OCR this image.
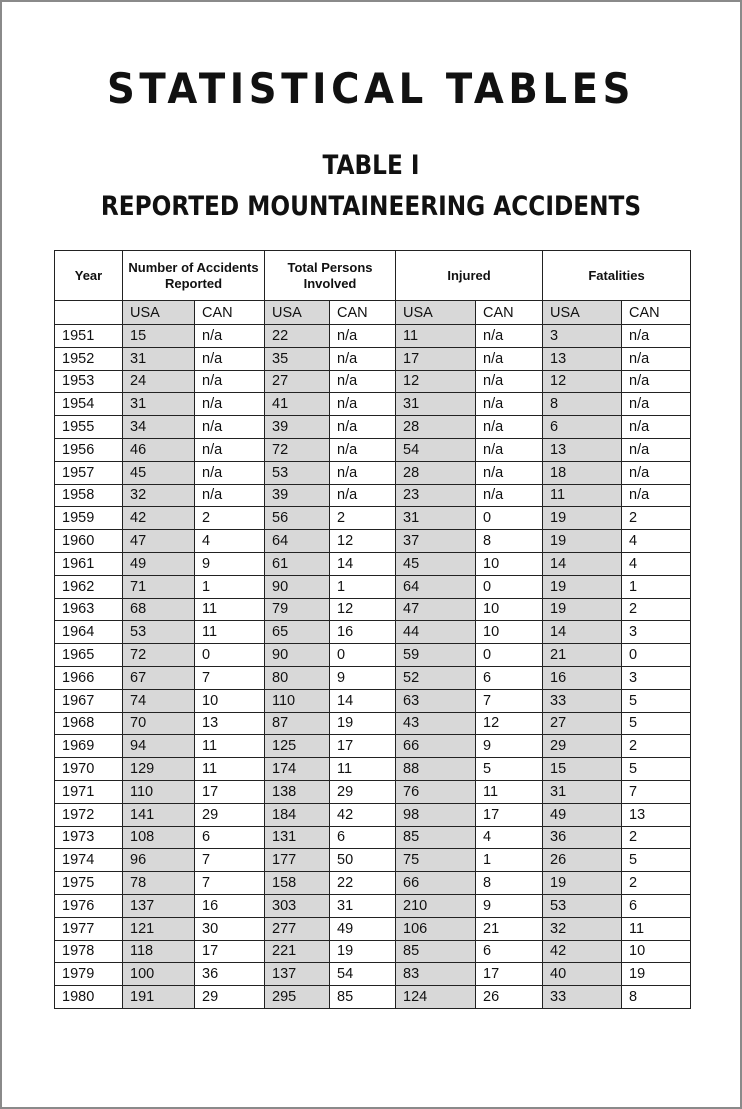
STATISTICAL TABLES
TABLE I
REPORTED MOUNTAINEERING ACCIDENTS
Year	Number of Accidents Reported		Total Persons Involved		Injured		Fatalities	
	USA	CAN	USA	CAN	USA	CAN	USA	CAN
1951	15	n/a	22	n/a	11	n/a	3	n/a
1952	31	n/a	35	n/a	17	n/a	13	n/a
1953	24	n/a	27	n/a	12	n/a	12	n/a
1954	31	n/a	41	n/a	31	n/a	8	n/a
1955	34	n/a	39	n/a	28	n/a	6	n/a
1956	46	n/a	72	n/a	54	n/a	13	n/a
1957	45	n/a	53	n/a	28	n/a	18	n/a
1958	32	n/a	39	n/a	23	n/a	11	n/a
1959	42	2	56	2	31	0	19	2
1960	47	4	64	12	37	8	19	4
1961	49	9	61	14	45	10	14	4
1962	71	1	90	1	64	0	19	1
1963	68	11	79	12	47	10	19	2
1964	53	11	65	16	44	10	14	3
1965	72	0	90	0	59	0	21	0
1966	67	7	80	9	52	6	16	3
1967	74	10	110	14	63	7	33	5
1968	70	13	87	19	43	12	27	5
1969	94	11	125	17	66	9	29	2
1970	129	11	174	11	88	5	15	5
1971	110	17	138	29	76	11	31	7
1972	141	29	184	42	98	17	49	13
1973	108	6	131	6	85	4	36	2
1974	96	7	177	50	75	1	26	5
1975	78	7	158	22	66	8	19	2
1976	137	16	303	31	210	9	53	6
1977	121	30	277	49	106	21	32	11
1978	118	17	221	19	85	6	42	10
1979	100	36	137	54	83	17	40	19
1980	191	29	295	85	124	26	33	8
